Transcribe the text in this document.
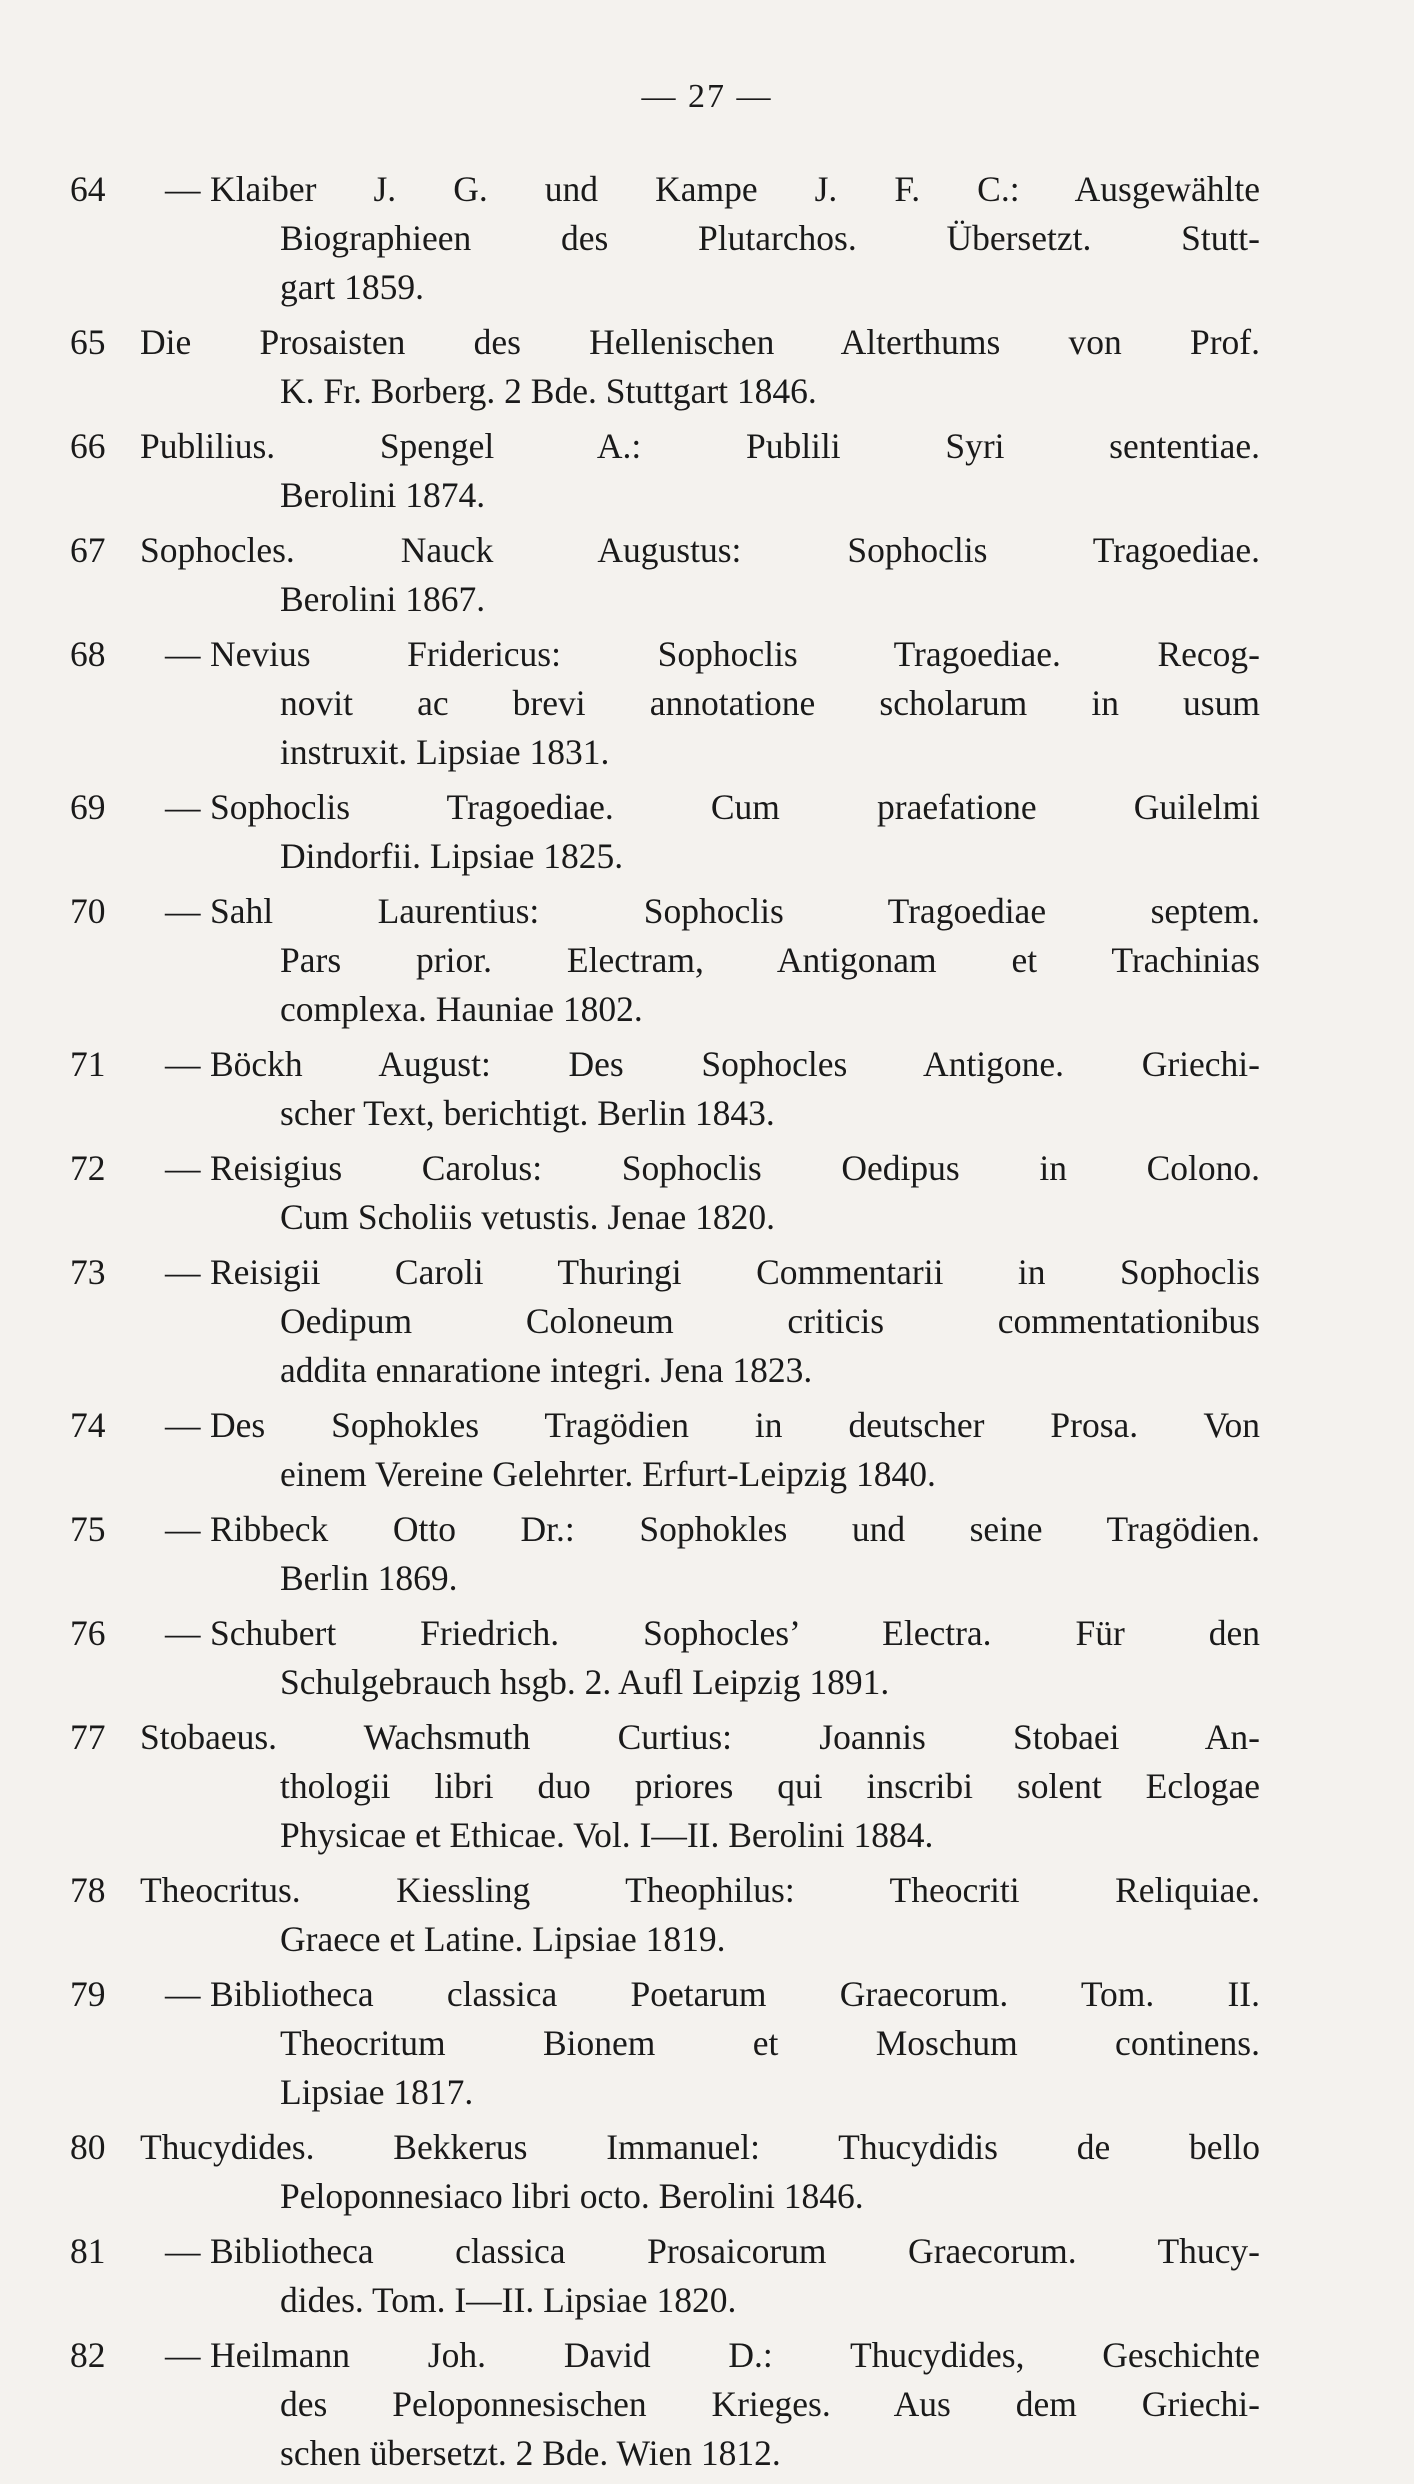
— 27 —
64	— Klaiber J. G. und Kampe J. F. C.: Ausgewählte
Biographieen des Plutarchos. Übersetzt. Stutt-
gart 1859.
65 Die Prosaisten des Hellenischen Alterthums von Prof.
K. Fr. Borberg. 2 Bde. Stuttgart 1846.
66 Publilius. Spengel A.: Publili Syri sententiae.
Berolini 1874.
67 Sophocles. Nauck Augustus: Sophoclis Tragoediae.
Berolini 1867.
68	— Nevius Fridericus: Sophoclis Tragoediae. Recog-
novit ac brevi annotatione scholarum in usum
instruxit. Lipsiae 1831.
69	— Sophoclis Tragoediae. Cum praefatione Guilelmi
Dindorfii. Lipsiae 1825.
70	— Sahl Laurentius: Sophoclis Tragoediae septem.
Pars prior. Electram, Antigonam et Trachinias
complexa. Hauniae 1802.
71	— Böckh August: Des Sophocles Antigone. Griechi-
scher Text, berichtigt. Berlin 1843.
72	— Reisigius Carolus: Sophoclis Oedipus in Colono.
Cum Scholiis vetustis. Jenae 1820.
73	— Reisigii Caroli Thuringi Commentarii in Sophoclis
Oedipum Coloneum criticis commentationibus
addita ennaratione integri. Jena 1823.
74	— Des Sophokles Tragödien in deutscher Prosa. Von
einem Vereine Gelehrter. Erfurt-Leipzig 1840.
75	— Ribbeck Otto Dr.: Sophokles und seine Tragödien.
Berlin 1869.
76	— Schubert Friedrich. Sophocles’ Electra. Für den
Schulgebrauch hsgb. 2. Aufl Leipzig 1891.
77 Stobaeus. Wachsmuth Curtius: Joannis Stobaei An-
thologii libri duo priores qui inscribi solent Eclogae
Physicae et Ethicae. Vol. I—II. Berolini 1884.
78 Theocritus. Kiessling Theophilus: Theocriti Reliquiae.
Graece et Latine. Lipsiae 1819.
79	— Bibliotheca classica Poetarum Graecorum. Tom. II.
Theocritum Bionem et Moschum continens.
Lipsiae 1817.
80 Thucydides. Bekkerus Immanuel: Thucydidis de bello
Peloponnesiaco libri octo. Berolini 1846.
81	— Bibliotheca classica Prosaicorum Graecorum. Thucy-
dides. Tom. I—II. Lipsiae 1820.
82	— Heilmann Joh. David D.: Thucydides, Geschichte
des Peloponnesischen Krieges. Aus dem Griechi-
schen übersetzt. 2 Bde. Wien 1812.
